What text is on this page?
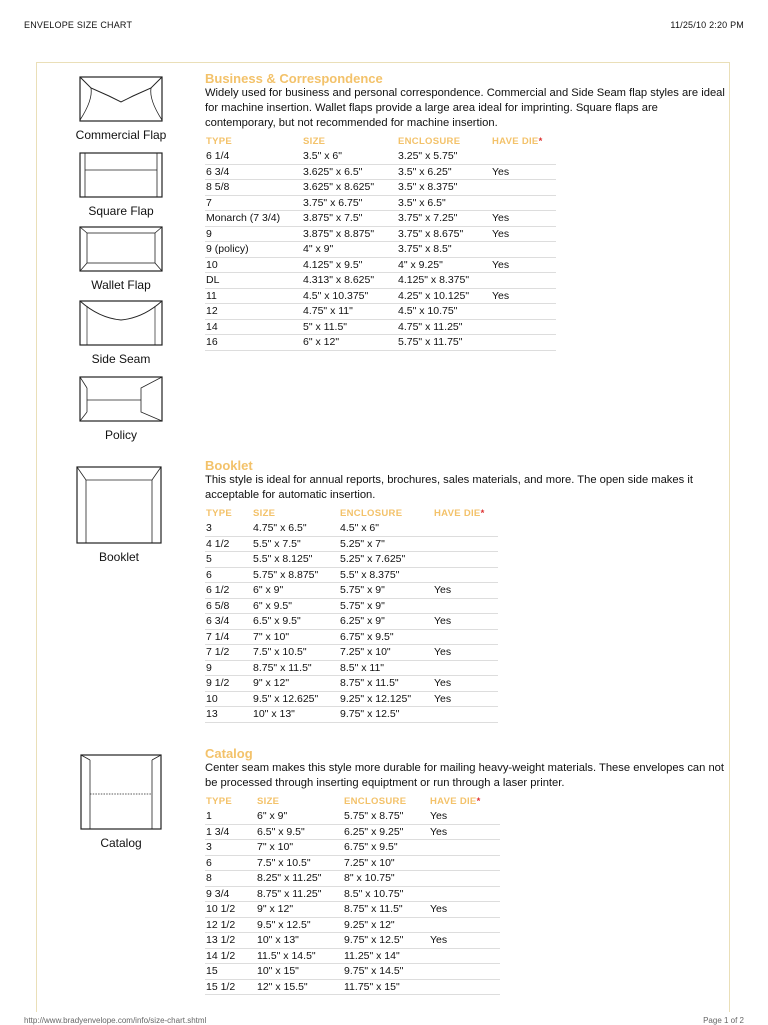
ENVELOPE SIZE CHART	11/25/10 2:20 PM
Commercial Flap
Square Flap
Wallet Flap
Side Seam
Policy
Booklet
Catalog
Business & Correspondence

Widely used for business and personal correspondence. Commercial and Side Seam flap styles are ideal for machine insertion. Wallet flaps provide a large area ideal for imprinting. Square flaps are contemporary, but not recommended for machine insertion.

TYPE	SIZE	ENCLOSURE	HAVE DIE*
6 1/4	3.5" x 6"	3.25" x 5.75"	
6 3/4	3.625" x 6.5"	3.5" x 6.25"	Yes
8 5/8	3.625" x 8.625"	3.5" x 8.375"	
7	3.75" x 6.75"	3.5" x 6.5"	
Monarch (7 3/4)	3.875" x 7.5"	3.75" x 7.25"	Yes
9	3.875" x 8.875"	3.75" x 8.675"	Yes
9 (policy)	4" x 9"	3.75" x 8.5"	
10	4.125" x 9.5"	4" x 9.25"	Yes
DL	4.313" x 8.625"	4.125" x 8.375"	
11	4.5" x 10.375"	4.25" x 10.125"	Yes
12	4.75" x 11"	4.5" x 10.75"	
14	5" x 11.5"	4.75" x 11.25"	
16	6" x 12"	5.75" x 11.75"	
Booklet

This style is ideal for annual reports, brochures, sales materials, and more. The open side makes it acceptable for automatic insertion.

TYPE	SIZE	ENCLOSURE	HAVE DIE*
3	4.75" x 6.5"	4.5" x 6"	
4 1/2	5.5" x 7.5"	5.25" x 7"	
5	5.5" x 8.125"	5.25" x 7.625"	
6	5.75" x 8.875"	5.5" x 8.375"	
6 1/2	6" x 9"	5.75" x 9"	Yes
6 5/8	6" x 9.5"	5.75" x 9"	
6 3/4	6.5" x 9.5"	6.25" x 9"	Yes
7 1/4	7" x 10"	6.75" x 9.5"	
7 1/2	7.5" x 10.5"	7.25" x 10"	Yes
9	8.75" x 11.5"	8.5" x 11"	
9 1/2	9" x 12"	8.75" x 11.5"	Yes
10	9.5" x 12.625"	9.25" x 12.125"	Yes
13	10" x 13"	9.75" x 12.5"	
Catalog

Center seam makes this style more durable for mailing heavy-weight materials. These envelopes can not be processed through inserting equiptment or run through a laser printer.

TYPE	SIZE	ENCLOSURE	HAVE DIE*
1	6" x 9"	5.75" x 8.75"	Yes
1 3/4	6.5" x 9.5"	6.25" x 9.25"	Yes
3	7" x 10"	6.75" x 9.5"	
6	7.5" x 10.5"	7.25" x 10"	
8	8.25" x 11.25"	8" x 10.75"	
9 3/4	8.75" x 11.25"	8.5" x 10.75"	
10 1/2	9" x 12"	8.75" x 11.5"	Yes
12 1/2	9.5" x 12.5"	9.25" x 12"	
13 1/2	10" x 13"	9.75" x 12.5"	Yes
14 1/2	11.5" x 14.5"	11.25" x 14"	
15	10" x 15"	9.75" x 14.5"	
15 1/2	12" x 15.5"	11.75" x 15"	
http://www.bradyenvelope.com/info/size-chart.shtml	Page 1 of 2
